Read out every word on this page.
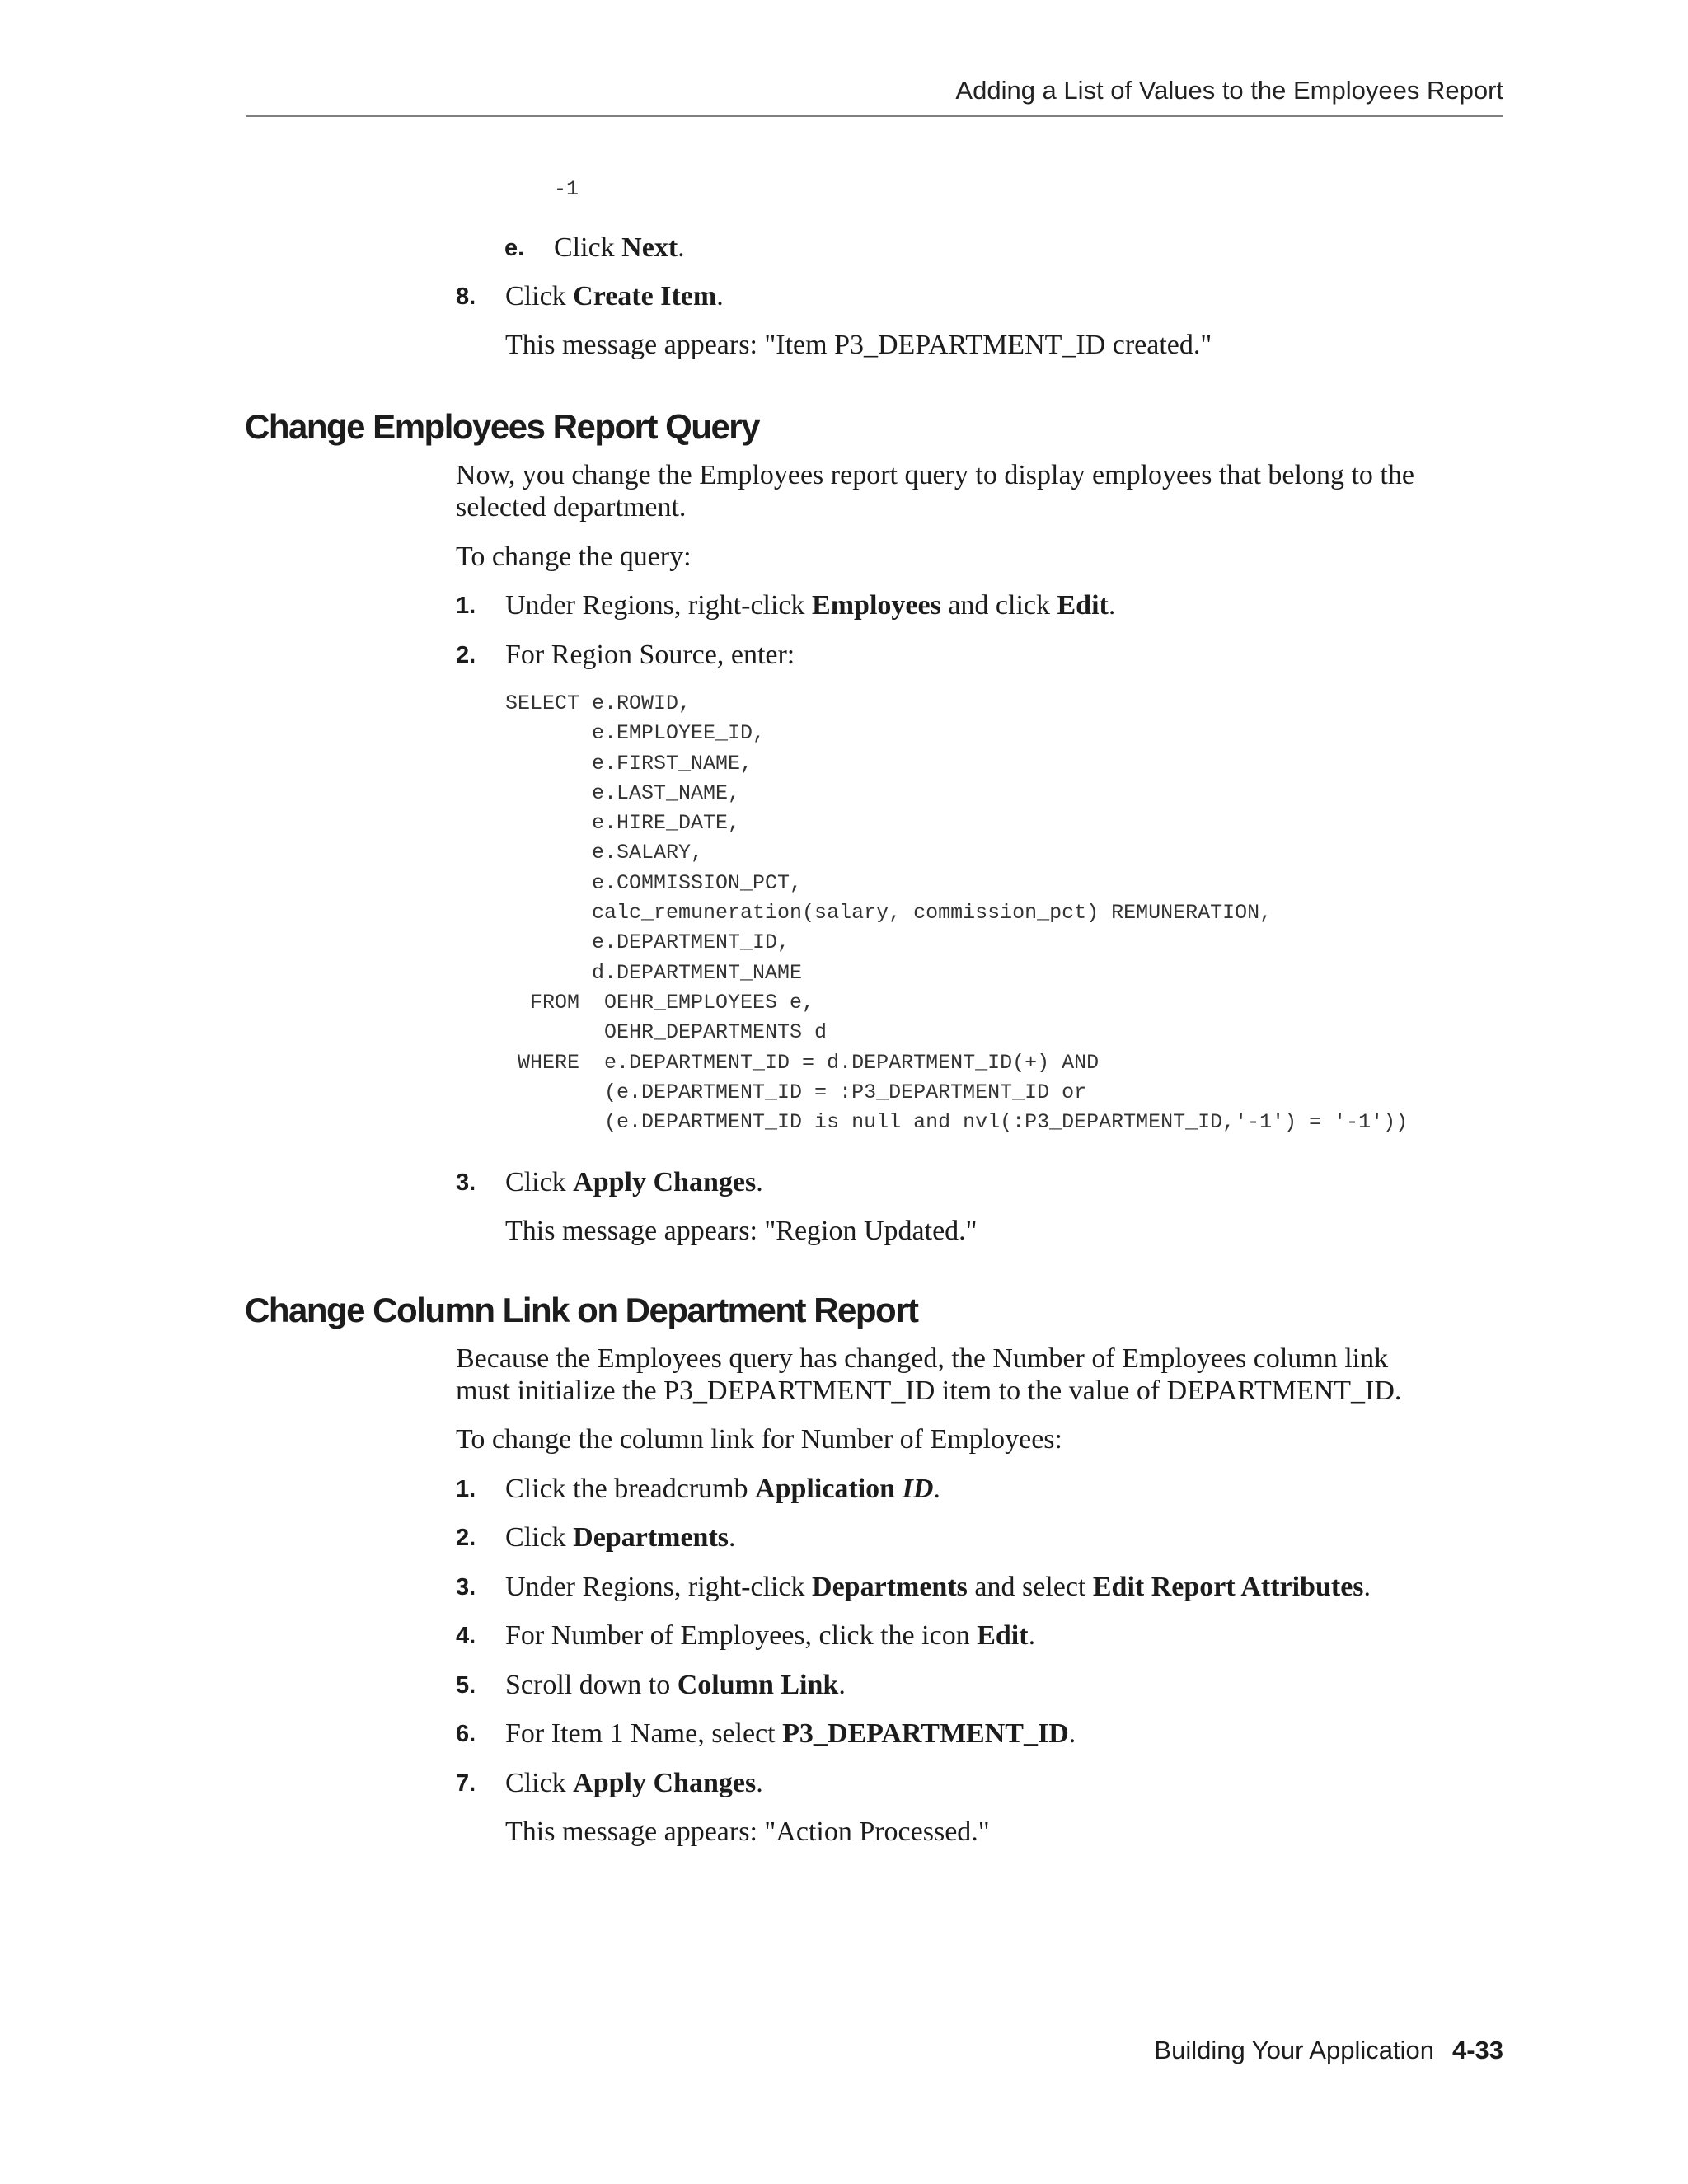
Adding a List of Values to the Employees Report
-1
e. Click Next.
8. Click Create Item.
This message appears: "Item P3_DEPARTMENT_ID created."
Change Employees Report Query
Now, you change the Employees report query to display employees that belong to the
selected department.
To change the query:
1. Under Regions, right-click Employees and click Edit.
2. For Region Source, enter:
SELECT e.ROWID,
e.EMPLOYEE_ID,
e.FIRST_NAME,
e.LAST_NAME,
e.HIRE_DATE,
e.SALARY,
e.COMMISSION_PCT,
calc_remuneration(salary, commission_pct) REMUNERATION,
e.DEPARTMENT_ID,
d.DEPARTMENT_NAME
FROM  OEHR_EMPLOYEES e,
OEHR_DEPARTMENTS d
WHERE  e.DEPARTMENT_ID = d.DEPARTMENT_ID(+) AND
(e.DEPARTMENT_ID = :P3_DEPARTMENT_ID or
(e.DEPARTMENT_ID is null and nvl(:P3_DEPARTMENT_ID,'-1') = '-1'))
3. Click Apply Changes.
This message appears: "Region Updated."
Change Column Link on Department Report
Because the Employees query has changed, the Number of Employees column link
must initialize the P3_DEPARTMENT_ID item to the value of DEPARTMENT_ID.
To change the column link for Number of Employees:
1. Click the breadcrumb Application ID.
2. Click Departments.
3. Under Regions, right-click Departments and select Edit Report Attributes.
4. For Number of Employees, click the icon Edit.
5. Scroll down to Column Link.
6. For Item 1 Name, select P3_DEPARTMENT_ID.
7. Click Apply Changes.
This message appears: "Action Processed."
Building Your Application 4-33
